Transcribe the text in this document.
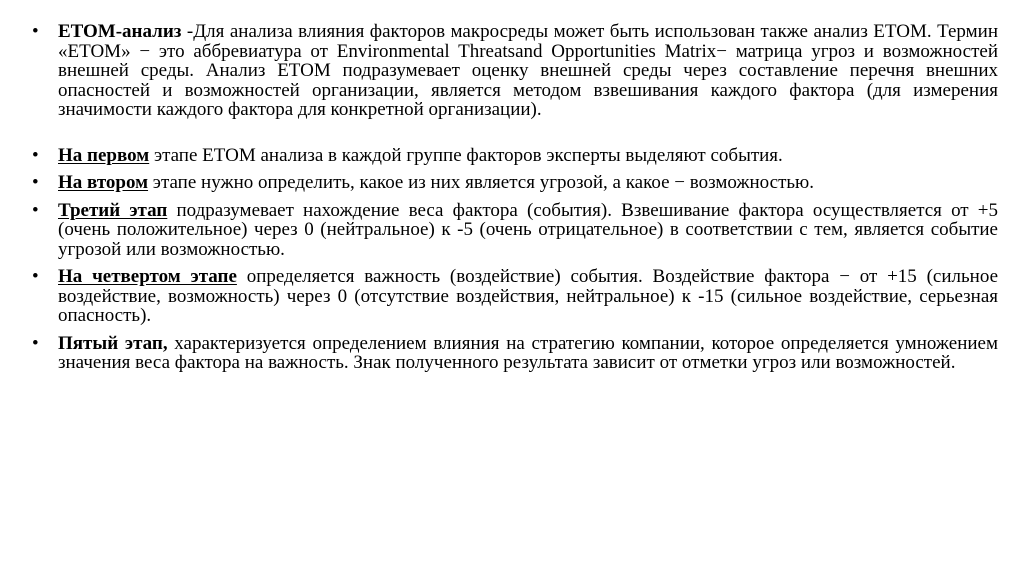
• ETOM-анализ -Для анализа влияния факторов макросреды может быть использован также анализ ЕТОМ. Термин «ЕТОМ» − это аббревиатура от Environmental Threatsand Opportunities Matrix− матрица угроз и возможностей внешней среды. Анализ ЕТОМ подразумевает оценку внешней среды через составление перечня внешних опасностей и возможностей организации, является методом взвешивания каждого фактора (для измерения значимости каждого фактора для конкретной организации).
• На первом этапе ЕТОМ анализа в каждой группе факторов эксперты выделяют события.
• На втором этапе нужно определить, какое из них является угрозой, а какое − возможностью.
• Третий этап подразумевает нахождение веса фактора (события). Взвешивание фактора осуществляется от +5 (очень положительное) через 0 (нейтральное) к -5 (очень отрицательное) в соответствии с тем, является событие угрозой или возможностью.
• На четвертом этапе определяется важность (воздействие) события. Воздействие фактора − от +15 (сильное воздействие, возможность) через 0 (отсутствие воздействия, нейтральное) к -15 (сильное воздействие, серьезная опасность).
• Пятый этап, характеризуется определением влияния на стратегию компании, которое определяется умножением значения веса фактора на важность. Знак полученного результата зависит от отметки угроз или возможностей.
